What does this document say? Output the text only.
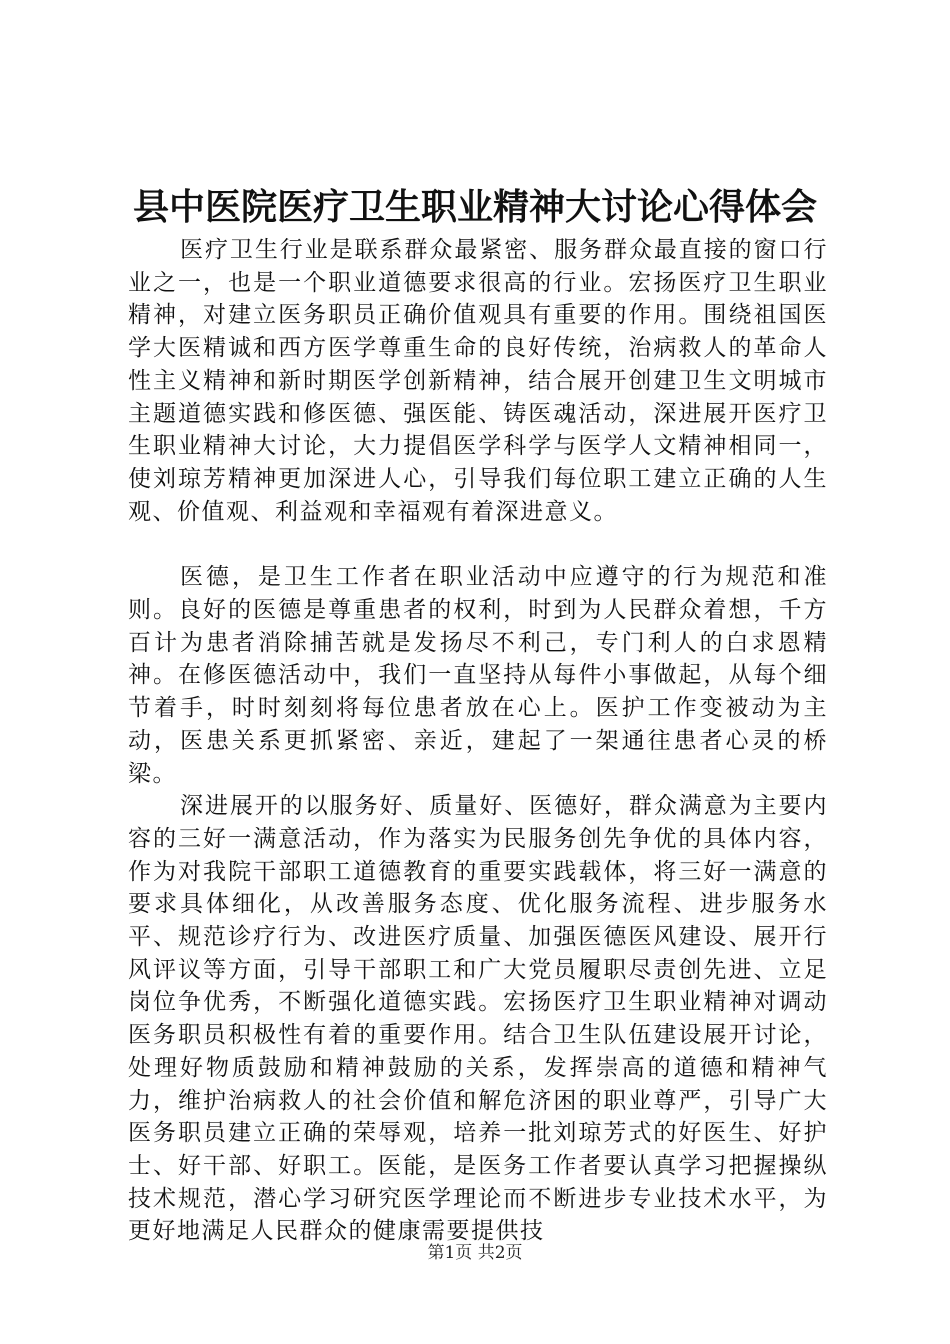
县中医院医疗卫生职业精神大讨论心得体会

医疗卫生行业是联系群众最紧密、服务群众最直接的窗口行业之一，也是一个职业道德要求很高的行业。宏扬医疗卫生职业精神，对建立医务职员正确价值观具有重要的作用。围绕祖国医学大医精诚和西方医学尊重生命的良好传统，治病救人的革命人性主义精神和新时期医学创新精神，结合展开创建卫生文明城市主题道德实践和修医德、强医能、铸医魂活动，深进展开医疗卫生职业精神大讨论，大力提倡医学科学与医学人文精神相同一，使刘琼芳精神更加深进人心，引导我们每位职工建立正确的人生观、价值观、利益观和幸福观有着深进意义。

医德，是卫生工作者在职业活动中应遵守的行为规范和准则。良好的医德是尊重患者的权利，时到为人民群众着想，千方百计为患者消除捕苦就是发扬尽不利己，专门利人的白求恩精神。在修医德活动中，我们一直坚持从每件小事做起，从每个细节着手，时时刻刻将每位患者放在心上。医护工作变被动为主动，医患关系更抓紧密、亲近，建起了一架通往患者心灵的桥梁。

深进展开的以服务好、质量好、医德好，群众满意为主要内容的三好一满意活动，作为落实为民服务创先争优的具体内容，作为对我院干部职工道德教育的重要实践载体，将三好一满意的要求具体细化，从改善服务态度、优化服务流程、进步服务水平、规范诊疗行为、改进医疗质量、加强医德医风建设、展开行风评议等方面，引导干部职工和广大党员履职尽责创先进、立足岗位争优秀，不断强化道德实践。宏扬医疗卫生职业精神对调动医务职员积极性有着的重要作用。结合卫生队伍建设展开讨论，处理好物质鼓励和精神鼓励的关系，发挥崇高的道德和精神气力，维护治病救人的社会价值和解危济困的职业尊严，引导广大医务职员建立正确的荣辱观，培养一批刘琼芳式的好医生、好护士、好干部、好职工。医能，是医务工作者要认真学习把握操纵技术规范，潜心学习研究医学理论而不断进步专业技术水平，为更好地满足人民群众的健康需要提供技

第1页 共2页
